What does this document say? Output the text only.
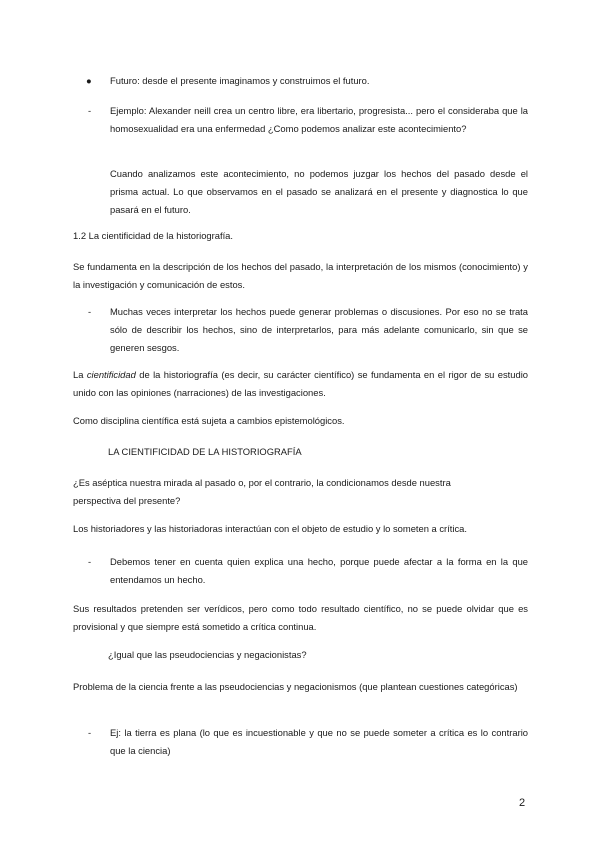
● Futuro: desde el presente imaginamos y construimos el futuro.

- Ejemplo: Alexander neill crea un centro libre, era libertario, progresista... pero el consideraba que la homosexualidad era una enfermedad ¿Como podemos analizar este acontecimiento?

Cuando analizamos este acontecimiento, no podemos juzgar los hechos del pasado desde el prisma actual. Lo que observamos en el pasado se analizará en el presente y diagnostica lo que pasará en el futuro.

1.2 La cientificidad de la historiografía.

Se fundamenta en la descripción de los hechos del pasado, la interpretación de los mismos (conocimiento) y la investigación y comunicación de estos.

- Muchas veces interpretar los hechos puede generar problemas o discusiones. Por eso no se trata sólo de describir los hechos, sino de interpretarlos, para más adelante comunicarlo, sin que se generen sesgos.

La cientificidad de la historiografía (es decir, su carácter científico) se fundamenta en el rigor de su estudio unido con las opiniones (narraciones) de las investigaciones.

Como disciplina científica está sujeta a cambios epistemológicos.

LA CIENTIFICIDAD DE LA HISTORIOGRAFÍA

¿Es aséptica nuestra mirada al pasado o, por el contrario, la condicionamos desde nuestra perspectiva del presente?

Los historiadores y las historiadoras interactúan con el objeto de estudio y lo someten a crítica.

- Debemos tener en cuenta quien explica una hecho, porque puede afectar a la forma en la que entendamos un hecho.

Sus resultados pretenden ser verídicos, pero como todo resultado científico, no se puede olvidar que es provisional y que siempre está sometido a crítica continua.

¿Igual que las pseudociencias y negacionistas?

Problema de la ciencia frente a las pseudociencias y negacionismos (que plantean cuestiones categóricas)

- Ej: la tierra es plana (lo que es incuestionable y que no se puede someter a crítica es lo contrario que la ciencia)

2
